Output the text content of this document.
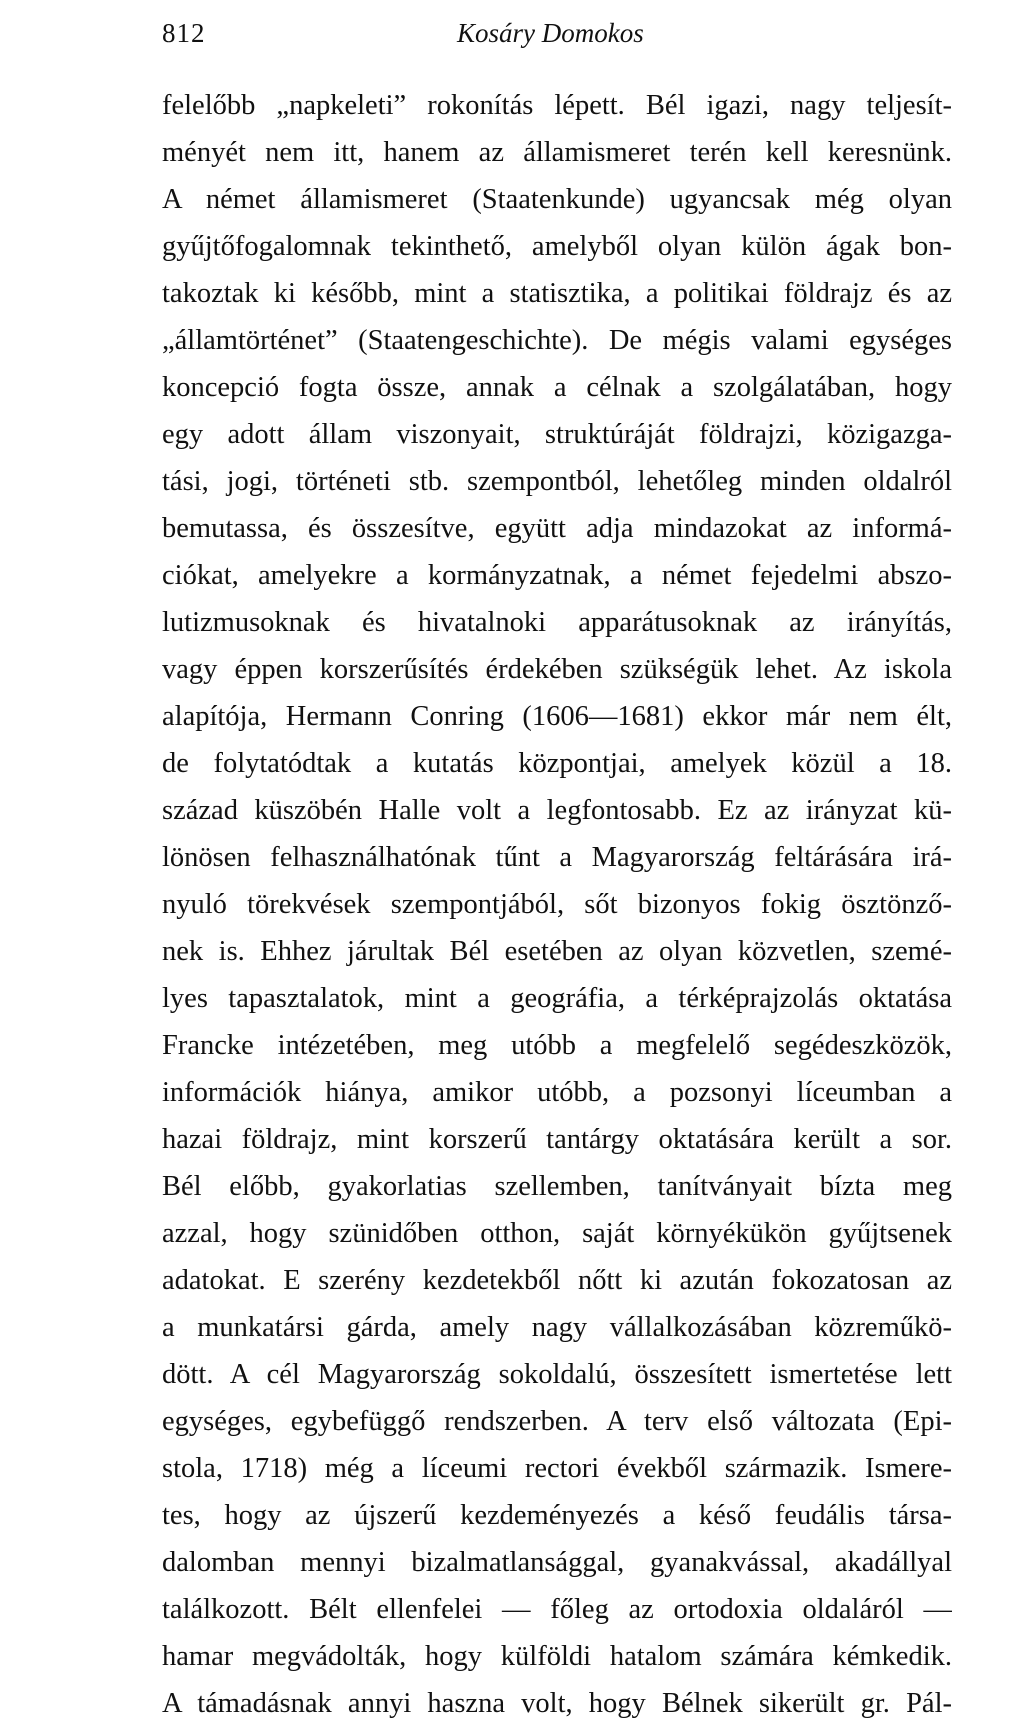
812	Kosáry Domokos
felelőbb „napkeleti” rokonítás lépett. Bél igazi, nagy teljesít-
ményét nem itt, hanem az államismeret terén kell keresnünk.
A német államismeret (Staatenkunde) ugyancsak még olyan
gyűjtőfogalomnak tekinthető, amelyből olyan külön ágak bon-
takoztak ki később, mint a statisztika, a politikai földrajz és az
„államtörténet” (Staatengeschichte). De mégis valami egységes
koncepció fogta össze, annak a célnak a szolgálatában, hogy
egy adott állam viszonyait, struktúráját földrajzi, közigazga-
tási, jogi, történeti stb. szempontból, lehetőleg minden oldalról
bemutassa, és összesítve, együtt adja mindazokat az informá-
ciókat, amelyekre a kormányzatnak, a német fejedelmi abszo-
lutizmusoknak és hivatalnoki apparátusoknak az irányítás,
vagy éppen korszerűsítés érdekében szükségük lehet. Az iskola
alapítója, Hermann Conring (1606—1681) ekkor már nem élt,
de folytatódtak a kutatás központjai, amelyek közül a 18.
század küszöbén Halle volt a legfontosabb. Ez az irányzat kü-
lönösen felhasználhatónak tűnt a Magyarország feltárására irá-
nyuló törekvések szempontjából, sőt bizonyos fokig ösztönző-
nek is. Ehhez járultak Bél esetében az olyan közvetlen, szemé-
lyes tapasztalatok, mint a geográfia, a térképrajzolás oktatása
Francke intézetében, meg utóbb a megfelelő segédeszközök,
információk hiánya, amikor utóbb, a pozsonyi líceumban a
hazai földrajz, mint korszerű tantárgy oktatására került a sor.
Bél előbb, gyakorlatias szellemben, tanítványait bízta meg
azzal, hogy szünidőben otthon, saját környékükön gyűjtsenek
adatokat. E szerény kezdetekből nőtt ki azután fokozatosan az
a munkatársi gárda, amely nagy vállalkozásában közreműkö-
dött. A cél Magyarország sokoldalú, összesített ismertetése lett
egységes, egybefüggő rendszerben. A terv első változata (Epi-
stola, 1718) még a líceumi rectori évekből származik. Ismere-
tes, hogy az újszerű kezdeményezés a késő feudális társa-
dalomban mennyi bizalmatlansággal, gyanakvással, akadállyal
találkozott. Bélt ellenfelei — főleg az ortodoxia oldaláról —
hamar megvádolták, hogy külföldi hatalom számára kémkedik.
A támadásnak annyi haszna volt, hogy Bélnek sikerült gr. Pál-
